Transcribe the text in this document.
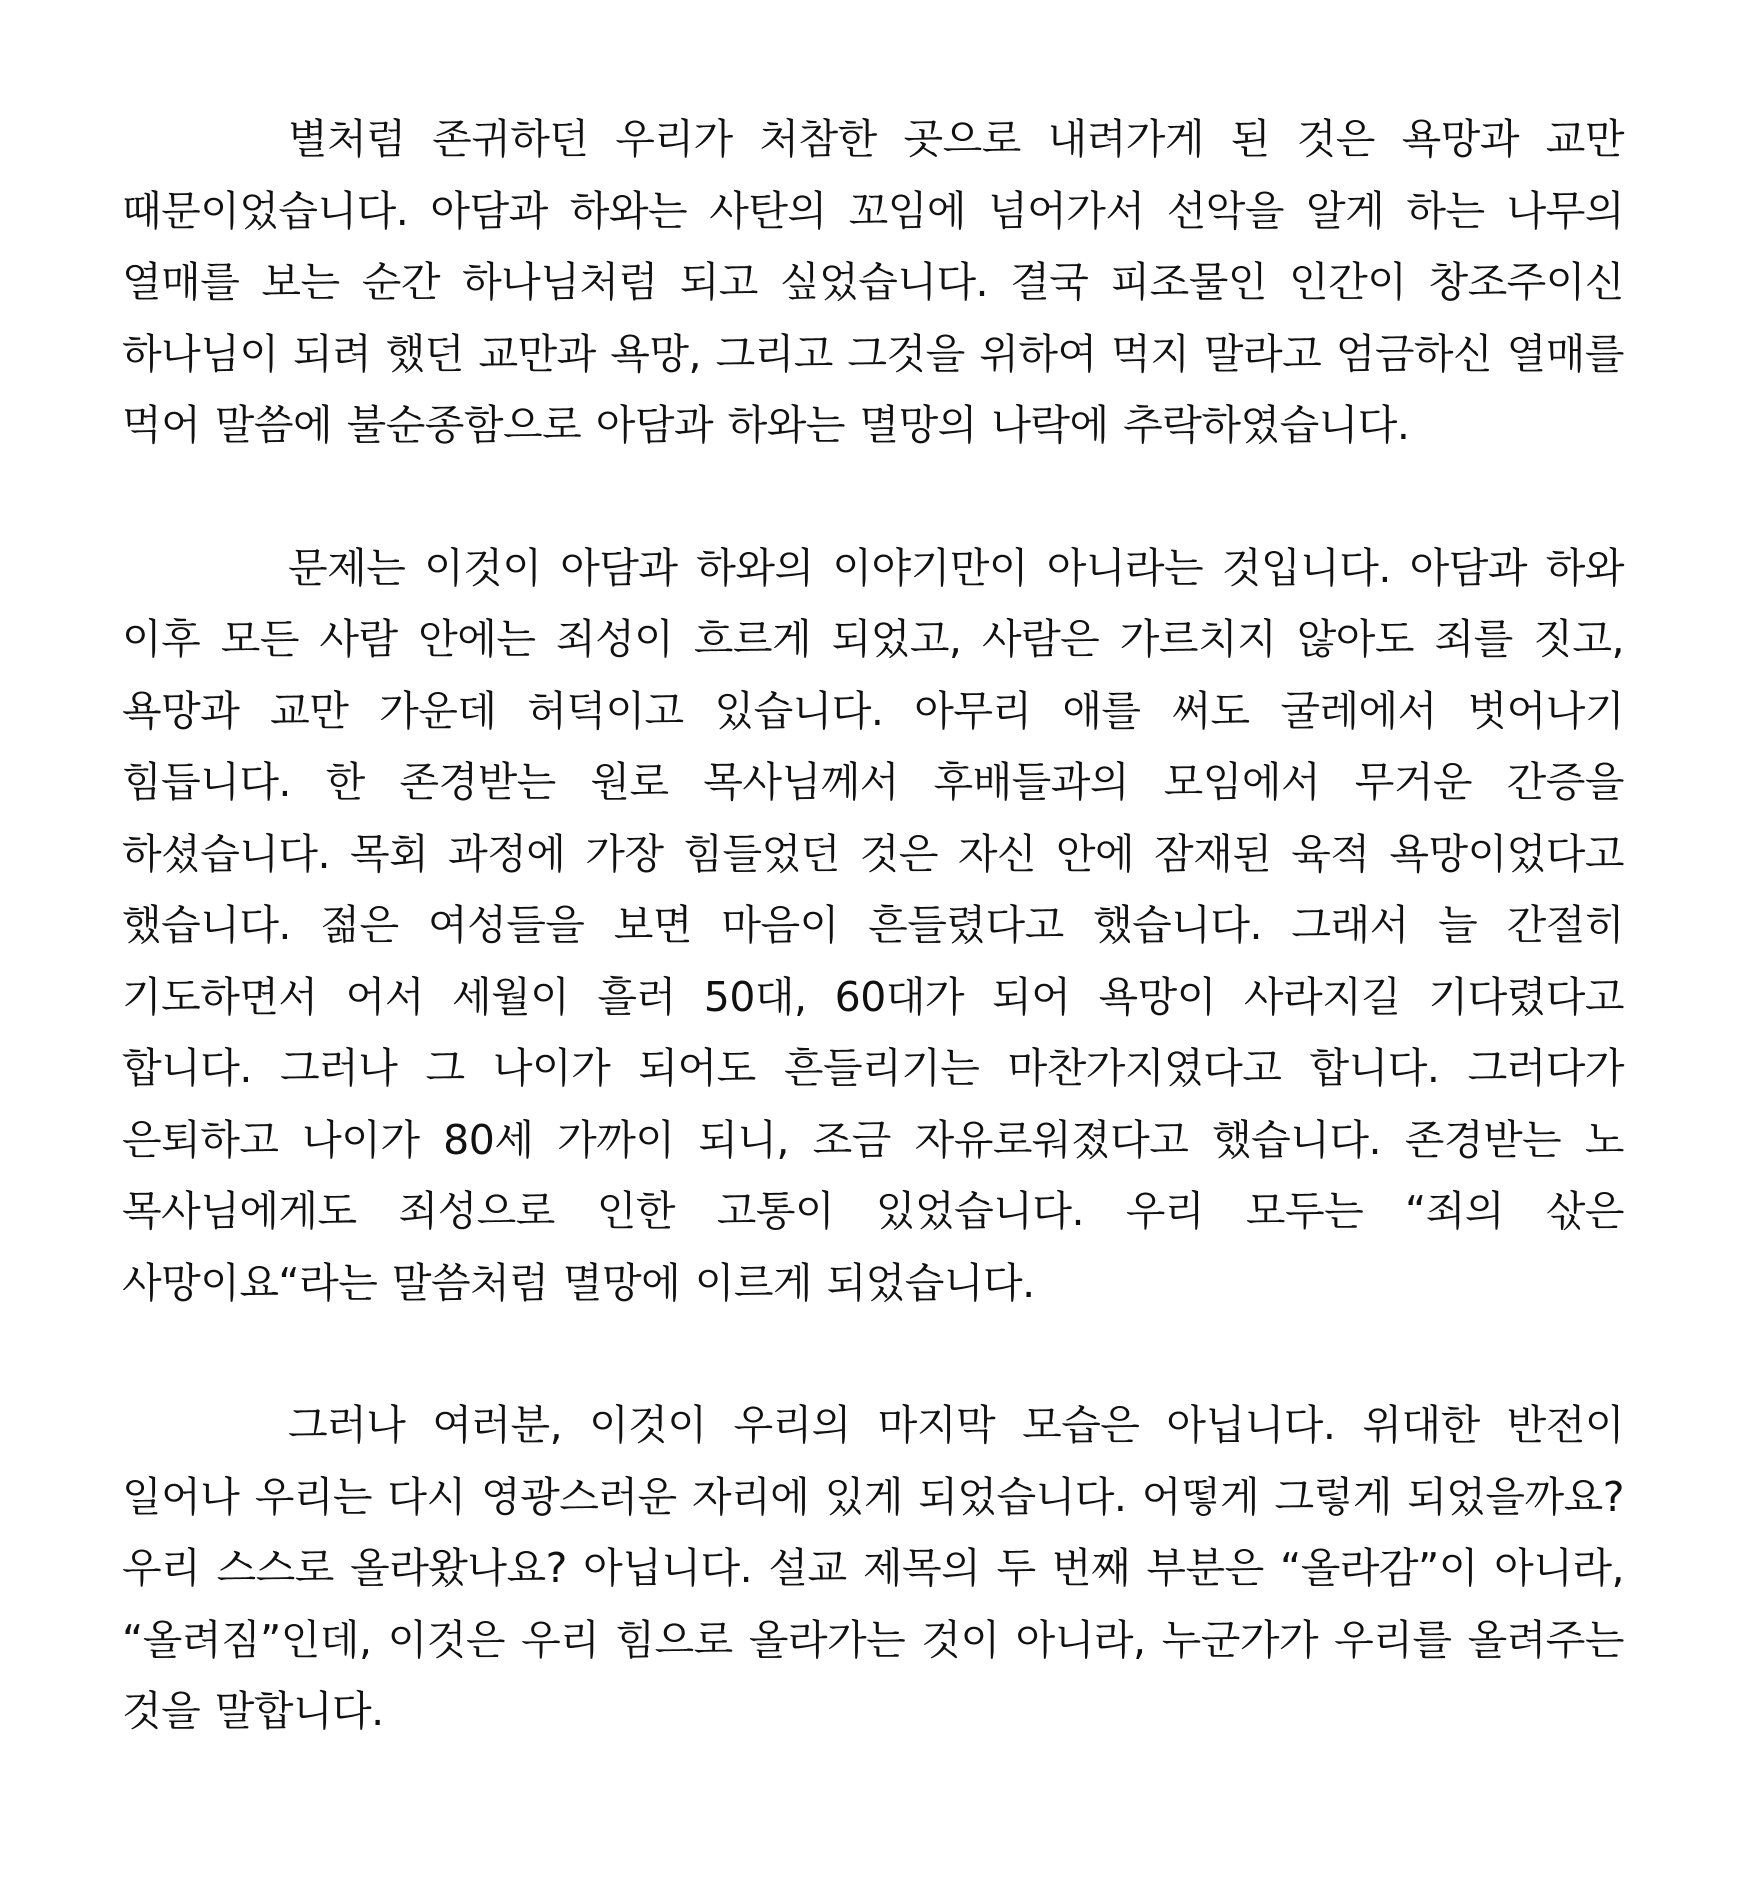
별처럼 존귀하던 우리가 처참한 곳으로 내려가게 된 것은 욕망과 교만 때문이었습니다. 아담과 하와는 사탄의 꼬임에 넘어가서 선악을 알게 하는 나무의 열매를 보는 순간 하나님처럼 되고 싶었습니다. 결국 피조물인 인간이 창조주이신 하나님이 되려 했던 교만과 욕망, 그리고 그것을 위하여 먹지 말라고 엄금하신 열매를 먹어 말씀에 불순종함으로 아담과 하와는 멸망의 나락에 추락하였습니다.

문제는 이것이 아담과 하와의 이야기만이 아니라는 것입니다. 아담과 하와 이후 모든 사람 안에는 죄성이 흐르게 되었고, 사람은 가르치지 않아도 죄를 짓고, 욕망과 교만 가운데 허덕이고 있습니다. 아무리 애를 써도 굴레에서 벗어나기 힘듭니다. 한 존경받는 원로 목사님께서 후배들과의 모임에서 무거운 간증을 하셨습니다. 목회 과정에 가장 힘들었던 것은 자신 안에 잠재된 육적 욕망이었다고 했습니다. 젊은 여성들을 보면 마음이 흔들렸다고 했습니다. 그래서 늘 간절히 기도하면서 어서 세월이 흘러 50대, 60대가 되어 욕망이 사라지길 기다렸다고 합니다. 그러나 그 나이가 되어도 흔들리기는 마찬가지였다고 합니다. 그러다가 은퇴하고 나이가 80세 가까이 되니, 조금 자유로워졌다고 했습니다. 존경받는 노 목사님에게도 죄성으로 인한 고통이 있었습니다. 우리 모두는 “죄의 삯은 사망이요“라는 말씀처럼 멸망에 이르게 되었습니다.

그러나 여러분, 이것이 우리의 마지막 모습은 아닙니다. 위대한 반전이 일어나 우리는 다시 영광스러운 자리에 있게 되었습니다. 어떻게 그렇게 되었을까요? 우리 스스로 올라왔나요? 아닙니다. 설교 제목의 두 번째 부분은 “올라감”이 아니라, “올려짐”인데, 이것은 우리 힘으로 올라가는 것이 아니라, 누군가가 우리를 올려주는 것을 말합니다.
